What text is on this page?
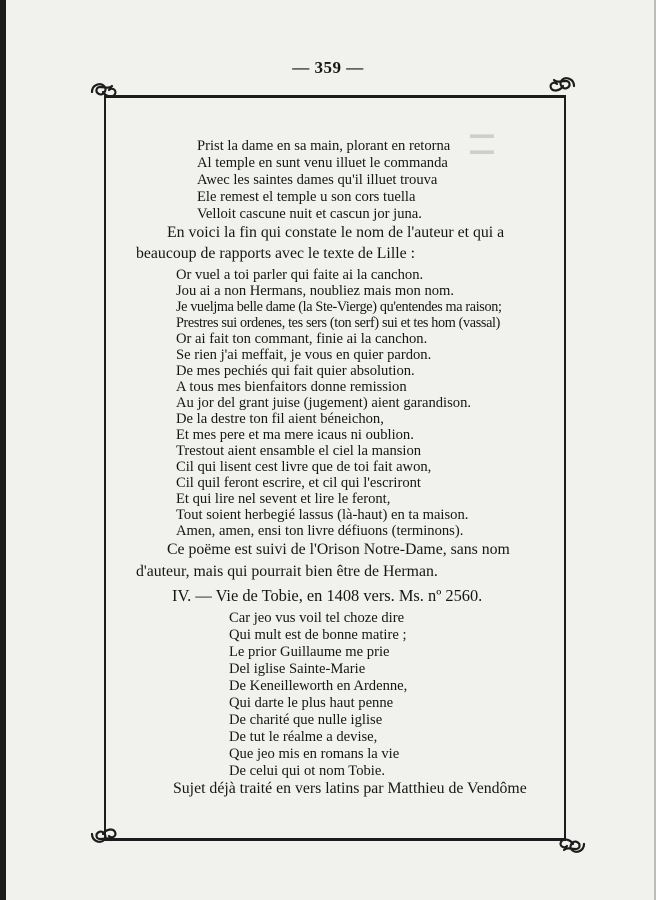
— 359 —
▬▬
▬▬
Prist la dame en sa main, plorant en retorna
Al temple en sunt venu illuet le commanda
Awec les saintes dames qu'il illuet trouva
Ele remest el temple u son cors tuella
Velloit cascune nuit et cascun jor juna.
En voici la fin qui constate le nom de l'auteur et qui a
beaucoup de rapports avec le texte de Lille :
Or vuel a toi parler qui faite ai la canchon.
Jou ai a non Hermans, noubliez mais mon nom.
Je vueljma belle dame (la Ste-Vierge) qu'entendes ma raison;
Prestres sui ordenes, tes sers (ton serf) sui et tes hom (vassal)
Or ai fait ton commant, finie ai la canchon.
Se rien j'ai meffait, je vous en quier pardon.
De mes pechiés qui fait quier absolution.
A tous mes bienfaitors donne remission
Au jor del grant juise (jugement) aient garandison.
De la destre ton fil aient béneichon,
Et mes pere et ma mere icaus ni oublion.
Trestout aient ensamble el ciel la mansion
Cil qui lisent cest livre que de toi fait awon,
Cil quil feront escrire, et cil qui l'escriront
Et qui lire nel sevent et lire le feront,
Tout soient herbegié lassus (là-haut) en ta maison.
Amen, amen, ensi ton livre défiuons (terminons).
Ce poëme est suivi de l'Orison Notre-Dame, sans nom
d'auteur, mais qui pourrait bien être de Herman.
IV. — Vie de Tobie, en 1408 vers. Ms. nº 2560.
Car jeo vus voil tel choze dire
Qui mult est de bonne matire ;
Le prior Guillaume me prie
Del iglise Sainte-Marie
De Keneilleworth en Ardenne,
Qui darte le plus haut penne
De charité que nulle iglise
De tut le réalme a devise,
Que jeo mis en romans la vie
De celui qui ot nom Tobie.
Sujet déjà traité en vers latins par Matthieu de Vendôme
